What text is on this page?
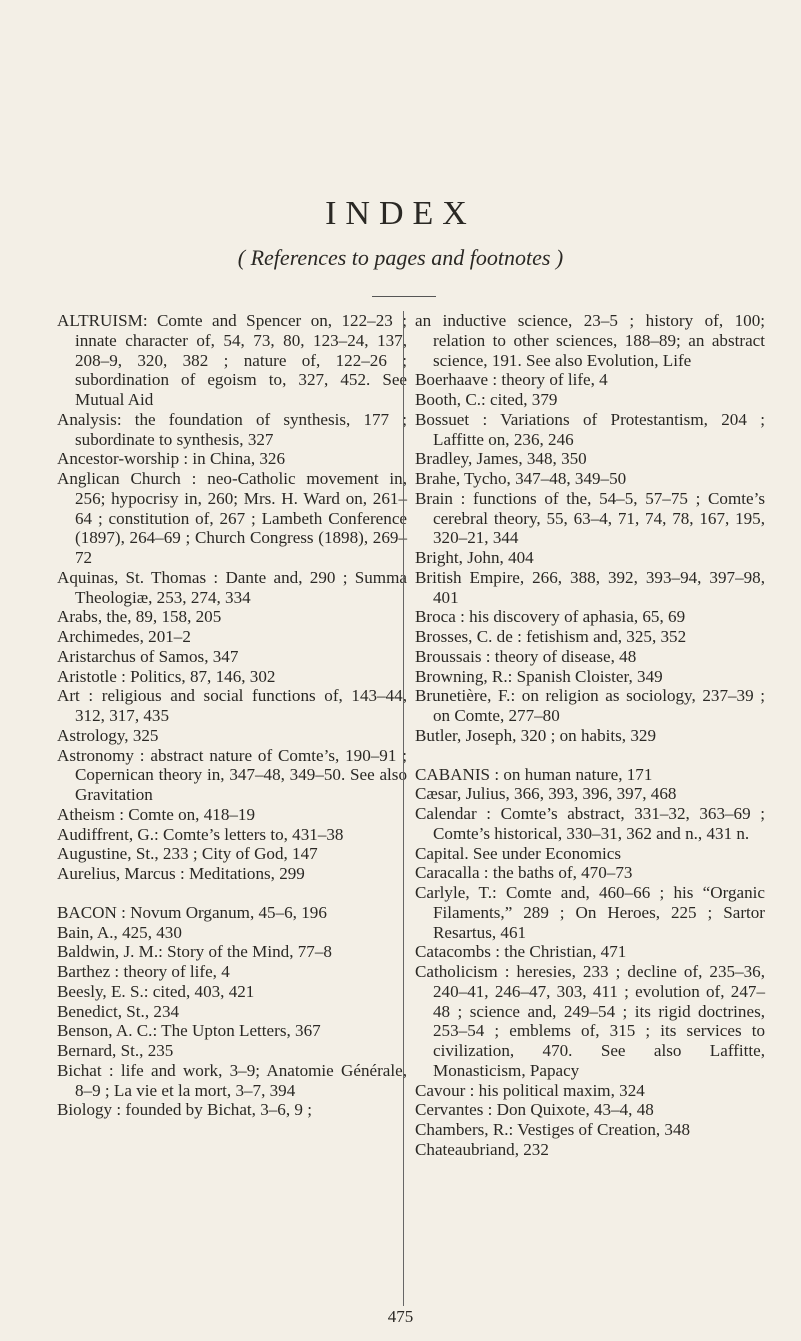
INDEX
( References to pages and footnotes )

ALTRUISM: Comte and Spencer on, 122–23 ; innate character of, 54, 73, 80, 123–24, 137, 208–9, 320, 382 ; nature of, 122–26 ; subordination of egoism to, 327, 452. See Mutual Aid

Analysis: the foundation of synthesis, 177 ; subordinate to synthesis, 327

Ancestor-worship : in China, 326

Anglican Church : neo-Catholic movement in, 256; hypocrisy in, 260; Mrs. H. Ward on, 261–64 ; constitution of, 267 ; Lambeth Conference (1897), 264–69 ; Church Congress (1898), 269–72

Aquinas, St. Thomas : Dante and, 290 ; Summa Theologiæ, 253, 274, 334

Arabs, the, 89, 158, 205

Archimedes, 201–2

Aristarchus of Samos, 347

Aristotle : Politics, 87, 146, 302

Art : religious and social functions of, 143–44, 312, 317, 435

Astrology, 325

Astronomy : abstract nature of Comte’s, 190–91 ; Copernican theory in, 347–48, 349–50. See also Gravitation

Atheism : Comte on, 418–19

Audiffrent, G.: Comte’s letters to, 431–38

Augustine, St., 233 ; City of God, 147

Aurelius, Marcus : Meditations, 299

BACON : Novum Organum, 45–6, 196

Bain, A., 425, 430

Baldwin, J. M.: Story of the Mind, 77–8

Barthez : theory of life, 4

Beesly, E. S.: cited, 403, 421

Benedict, St., 234

Benson, A. C.: The Upton Letters, 367

Bernard, St., 235

Bichat : life and work, 3–9; Anatomie Générale, 8–9 ; La vie et la mort, 3–7, 394

Biology : founded by Bichat, 3–6, 9 ;

an inductive science, 23–5 ; history of, 100; relation to other sciences, 188–89; an abstract science, 191. See also Evolution, Life

Boerhaave : theory of life, 4

Booth, C.: cited, 379

Bossuet : Variations of Protestantism, 204 ; Laffitte on, 236, 246

Bradley, James, 348, 350

Brahe, Tycho, 347–48, 349–50

Brain : functions of the, 54–5, 57–75 ; Comte’s cerebral theory, 55, 63–4, 71, 74, 78, 167, 195, 320–21, 344

Bright, John, 404

British Empire, 266, 388, 392, 393–94, 397–98, 401

Broca : his discovery of aphasia, 65, 69

Brosses, C. de : fetishism and, 325, 352

Broussais : theory of disease, 48

Browning, R.: Spanish Cloister, 349

Brunetière, F.: on religion as sociology, 237–39 ; on Comte, 277–80

Butler, Joseph, 320 ; on habits, 329

CABANIS : on human nature, 171

Cæsar, Julius, 366, 393, 396, 397, 468

Calendar : Comte’s abstract, 331–32, 363–69 ; Comte’s historical, 330–31, 362 and n., 431 n.

Capital. See under Economics

Caracalla : the baths of, 470–73

Carlyle, T.: Comte and, 460–66 ; his “Organic Filaments,” 289 ; On Heroes, 225 ; Sartor Resartus, 461

Catacombs : the Christian, 471

Catholicism : heresies, 233 ; decline of, 235–36, 240–41, 246–47, 303, 411 ; evolution of, 247–48 ; science and, 249–54 ; its rigid doctrines, 253–54 ; emblems of, 315 ; its services to civilization, 470. See also Laffitte, Monasticism, Papacy

Cavour : his political maxim, 324

Cervantes : Don Quixote, 43–4, 48

Chambers, R.: Vestiges of Creation, 348

Chateaubriand, 232

475
